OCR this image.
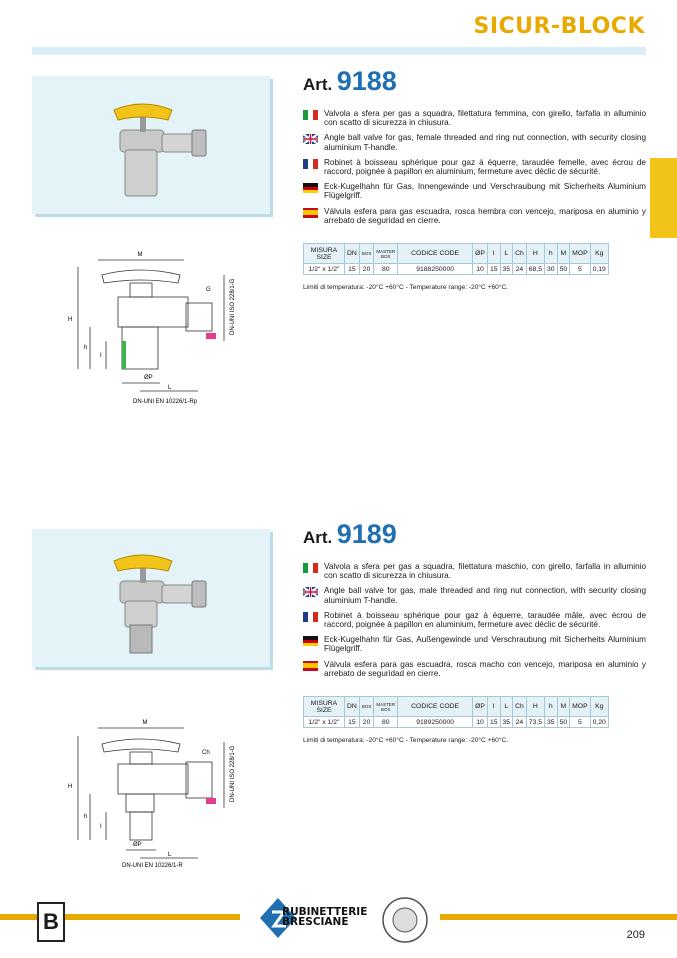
SICUR-BLOCK
Art. 9188
Valvola a sfera per gas a squadra, filettatura femmina, con girello, farfalla in alluminio con scatto di sicurezza in chiusura.
Angle ball valve for gas, female threaded and ring nut connection, with security closing aluminium T-handle.
Robinet à boisseau sphérique pour gaz à équerre, taraudée femelle, avec écrou de raccord, poignée à papillon en aluminium, fermeture avec déclic de sécurité.
Eck-Kugelhahn für Gas, Innengewinde und Verschraubung mit Sicherheits Aluminium Flügelgriff.
Válvula esfera para gas escuadra, rosca hembra con vencejo, mariposa en aluminio y arrebato de seguridad en cierre.
MISURA SIZE	DN	BOX	MASTER BOX	CODICE CODE	ØP	I	L	Ch	H	h	M	MOP	Kg
1/2" x 1/2"	15	20	80	9188250000	10	15	35	24	68,5	30	50	5	0,19
Limiti di temperatura: -20°C +60°C - Temperature range: -20°C +60°C.
M
H
h
I
ØP
L
G
DN-UNI EN 10226/1-Rp
DN-UNI ISO 228/1-G
Art. 9189
Valvola a sfera per gas a squadra, filettatura maschio, con girello, farfalla in alluminio con scatto di sicurezza in chiusura.
Angle ball valve for gas, male threaded and ring nut connection, with security closing aluminium T-handle.
Robinet à boisseau sphérique pour gaz à équerre, taraudée mâle, avec écrou de raccord, poignée à papillon en aluminium, fermeture avec déclic de sécurité.
Eck-Kugelhahn für Gas, Außengewinde und Verschraubung mit Sicherheits Aluminium Flügelgriff.
Válvula esfera para gas escuadra, rosca macho con vencejo, mariposa en aluminio y arrebato de seguridad en cierre.
MISURA SIZE	DN	BOX	MASTER BOX	CODICE CODE	ØP	I	L	Ch	H	h	M	MOP	Kg
1/2" x 1/2"	15	20	80	9189250000	10	15	35	24	73,5	35	50	5	0,20
Limiti di temperatura: -20°C +60°C - Temperature range: -20°C +60°C.
M
H
h
I
ØP
L
Ch
DN-UNI EN 10226/1-R
DN-UNI ISO 228/1-G
B	RUBINETTERIE
BRESCIANE
209
